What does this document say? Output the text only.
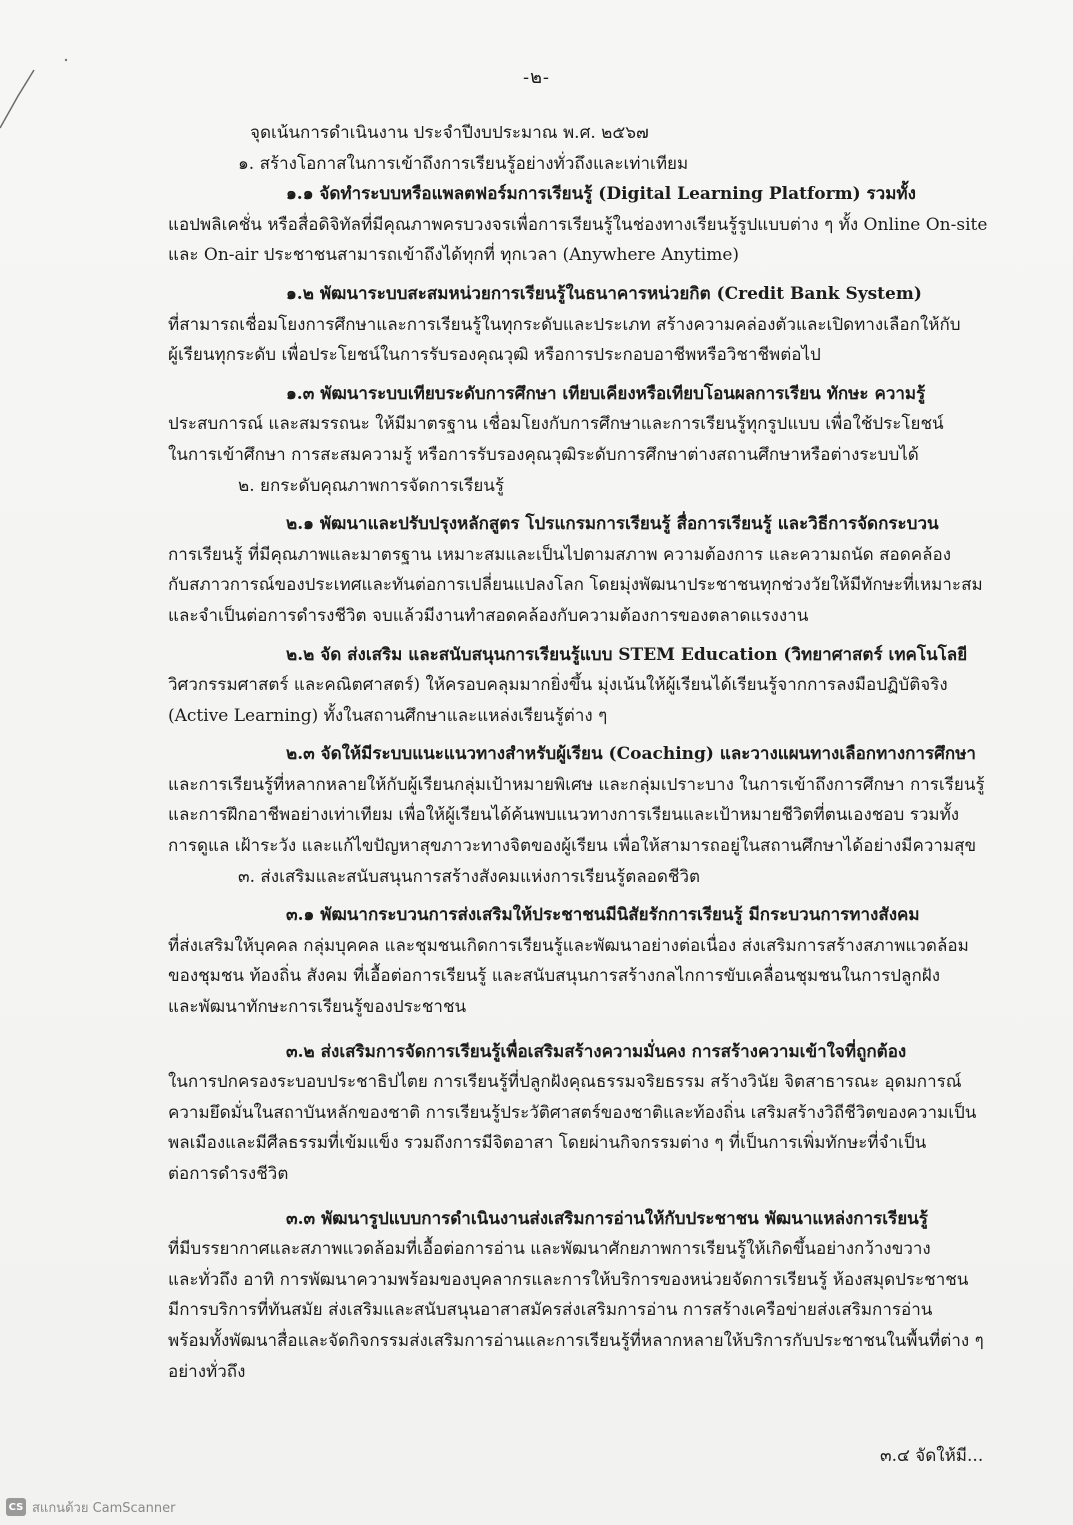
-๒-
จุดเน้นการดำเนินงาน ประจำปีงบประมาณ พ.ศ. ๒๕๖๗
๑. สร้างโอกาสในการเข้าถึงการเรียนรู้อย่างทั่วถึงและเท่าเทียม
๑.๑ จัดทำระบบหรือแพลตฟอร์มการเรียนรู้ (Digital Learning Platform) รวมทั้ง
แอปพลิเคชั่น หรือสื่อดิจิทัลที่มีคุณภาพครบวงจรเพื่อการเรียนรู้ในช่องทางเรียนรู้รูปแบบต่าง ๆ ทั้ง Online On-site
และ On-air ประชาชนสามารถเข้าถึงได้ทุกที่ ทุกเวลา (Anywhere Anytime)
๑.๒ พัฒนาระบบสะสมหน่วยการเรียนรู้ในธนาคารหน่วยกิต (Credit Bank System)
ที่สามารถเชื่อมโยงการศึกษาและการเรียนรู้ในทุกระดับและประเภท สร้างความคล่องตัวและเปิดทางเลือกให้กับ
ผู้เรียนทุกระดับ เพื่อประโยชน์ในการรับรองคุณวุฒิ หรือการประกอบอาชีพหรือวิชาชีพต่อไป
๑.๓ พัฒนาระบบเทียบระดับการศึกษา เทียบเคียงหรือเทียบโอนผลการเรียน ทักษะ ความรู้
ประสบการณ์ และสมรรถนะ ให้มีมาตรฐาน เชื่อมโยงกับการศึกษาและการเรียนรู้ทุกรูปแบบ เพื่อใช้ประโยชน์
ในการเข้าศึกษา การสะสมความรู้ หรือการรับรองคุณวุฒิระดับการศึกษาต่างสถานศึกษาหรือต่างระบบได้
๒. ยกระดับคุณภาพการจัดการเรียนรู้
๒.๑ พัฒนาและปรับปรุงหลักสูตร โปรแกรมการเรียนรู้ สื่อการเรียนรู้ และวิธีการจัดกระบวน
การเรียนรู้ ที่มีคุณภาพและมาตรฐาน เหมาะสมและเป็นไปตามสภาพ ความต้องการ และความถนัด สอดคล้อง
กับสภาวการณ์ของประเทศและทันต่อการเปลี่ยนแปลงโลก โดยมุ่งพัฒนาประชาชนทุกช่วงวัยให้มีทักษะที่เหมาะสม
และจำเป็นต่อการดำรงชีวิต จบแล้วมีงานทำสอดคล้องกับความต้องการของตลาดแรงงาน
๒.๒ จัด ส่งเสริม และสนับสนุนการเรียนรู้แบบ STEM Education (วิทยาศาสตร์ เทคโนโลยี
วิศวกรรมศาสตร์ และคณิตศาสตร์) ให้ครอบคลุมมากยิ่งขึ้น มุ่งเน้นให้ผู้เรียนได้เรียนรู้จากการลงมือปฏิบัติจริง
(Active Learning) ทั้งในสถานศึกษาและแหล่งเรียนรู้ต่าง ๆ
๒.๓ จัดให้มีระบบแนะแนวทางสำหรับผู้เรียน (Coaching) และวางแผนทางเลือกทางการศึกษา
และการเรียนรู้ที่หลากหลายให้กับผู้เรียนกลุ่มเป้าหมายพิเศษ และกลุ่มเปราะบาง ในการเข้าถึงการศึกษา การเรียนรู้
และการฝึกอาชีพอย่างเท่าเทียม เพื่อให้ผู้เรียนได้ค้นพบแนวทางการเรียนและเป้าหมายชีวิตที่ตนเองชอบ รวมทั้ง
การดูแล เฝ้าระวัง และแก้ไขปัญหาสุขภาวะทางจิตของผู้เรียน เพื่อให้สามารถอยู่ในสถานศึกษาได้อย่างมีความสุข
๓. ส่งเสริมและสนับสนุนการสร้างสังคมแห่งการเรียนรู้ตลอดชีวิต
๓.๑ พัฒนากระบวนการส่งเสริมให้ประชาชนมีนิสัยรักการเรียนรู้ มีกระบวนการทางสังคม
ที่ส่งเสริมให้บุคคล กลุ่มบุคคล และชุมชนเกิดการเรียนรู้และพัฒนาอย่างต่อเนื่อง ส่งเสริมการสร้างสภาพแวดล้อม
ของชุมชน ท้องถิ่น สังคม ที่เอื้อต่อการเรียนรู้ และสนับสนุนการสร้างกลไกการขับเคลื่อนชุมชนในการปลูกฝัง
และพัฒนาทักษะการเรียนรู้ของประชาชน
๓.๒ ส่งเสริมการจัดการเรียนรู้เพื่อเสริมสร้างความมั่นคง การสร้างความเข้าใจที่ถูกต้อง
ในการปกครองระบอบประชาธิปไตย การเรียนรู้ที่ปลูกฝังคุณธรรมจริยธรรม สร้างวินัย จิตสาธารณะ อุดมการณ์
ความยึดมั่นในสถาบันหลักของชาติ การเรียนรู้ประวัติศาสตร์ของชาติและท้องถิ่น เสริมสร้างวิถีชีวิตของความเป็น
พลเมืองและมีศีลธรรมที่เข้มแข็ง รวมถึงการมีจิตอาสา โดยผ่านกิจกรรมต่าง ๆ ที่เป็นการเพิ่มทักษะที่จำเป็น
ต่อการดำรงชีวิต
๓.๓ พัฒนารูปแบบการดำเนินงานส่งเสริมการอ่านให้กับประชาชน พัฒนาแหล่งการเรียนรู้
ที่มีบรรยากาศและสภาพแวดล้อมที่เอื้อต่อการอ่าน และพัฒนาศักยภาพการเรียนรู้ให้เกิดขึ้นอย่างกว้างขวาง
และทั่วถึง อาทิ การพัฒนาความพร้อมของบุคลากรและการให้บริการของหน่วยจัดการเรียนรู้ ห้องสมุดประชาชน
มีการบริการที่ทันสมัย ส่งเสริมและสนับสนุนอาสาสมัครส่งเสริมการอ่าน การสร้างเครือข่ายส่งเสริมการอ่าน
พร้อมทั้งพัฒนาสื่อและจัดกิจกรรมส่งเสริมการอ่านและการเรียนรู้ที่หลากหลายให้บริการกับประชาชนในพื้นที่ต่าง ๆ
อย่างทั่วถึง
๓.๔ จัดให้มี...
CS สแกนด้วย CamScanner
